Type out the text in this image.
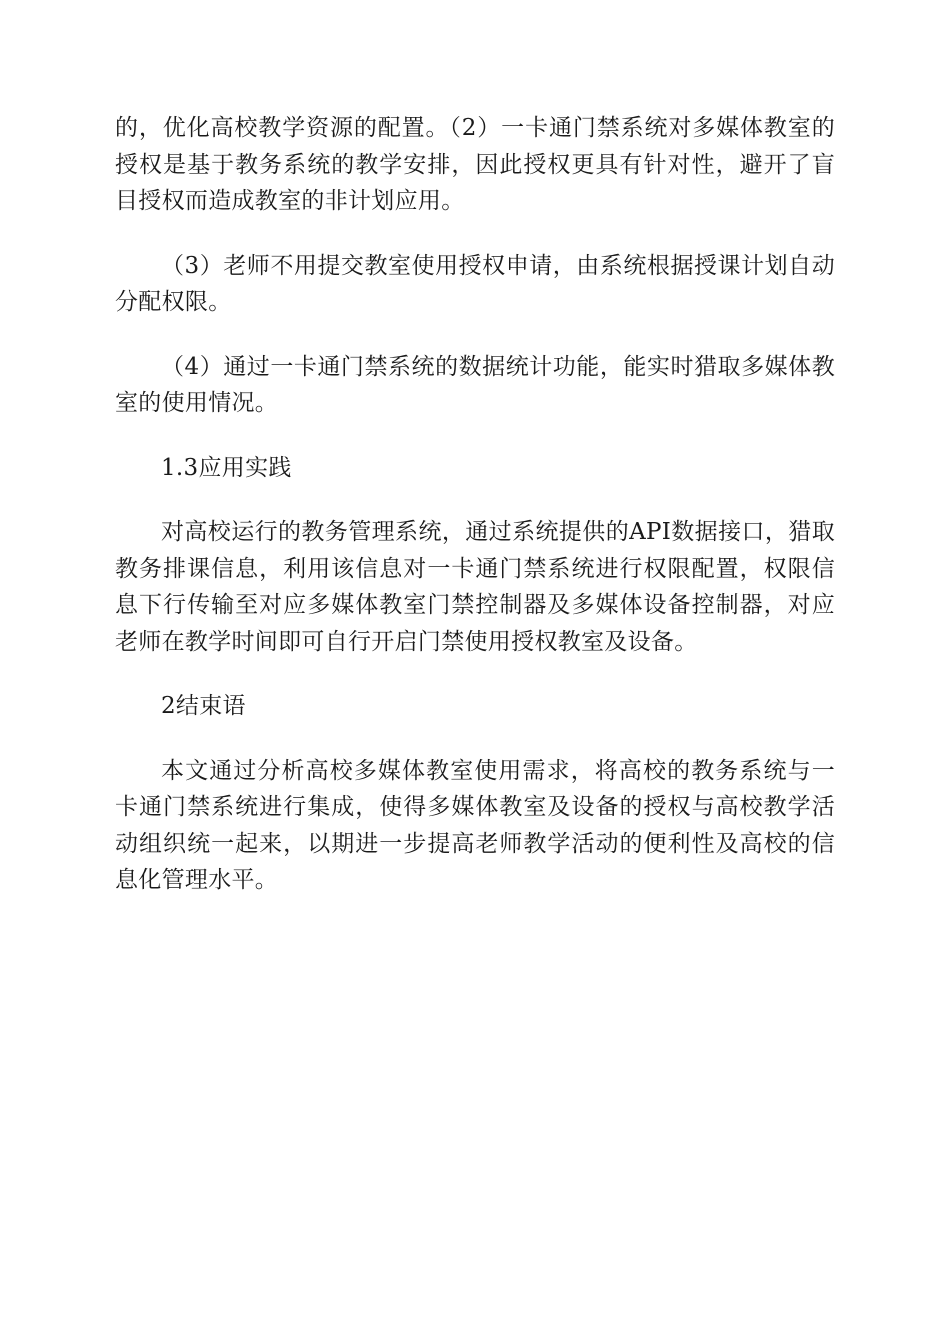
的，优化高校教学资源的配置。（2）一卡通门禁系统对多媒体教室的授权是基于教务系统的教学安排，因此授权更具有针对性，避开了盲目授权而造成教室的非计划应用。

（3）老师不用提交教室使用授权申请，由系统根据授课计划自动分配权限。

（4）通过一卡通门禁系统的数据统计功能，能实时猎取多媒体教室的使用情况。

1.3应用实践

对高校运行的教务管理系统，通过系统提供的API数据接口，猎取教务排课信息，利用该信息对一卡通门禁系统进行权限配置，权限信息下行传输至对应多媒体教室门禁控制器及多媒体设备控制器，对应老师在教学时间即可自行开启门禁使用授权教室及设备。

2结束语

本文通过分析高校多媒体教室使用需求，将高校的教务系统与一卡通门禁系统进行集成，使得多媒体教室及设备的授权与高校教学活动组织统一起来，以期进一步提高老师教学活动的便利性及高校的信息化管理水平。
